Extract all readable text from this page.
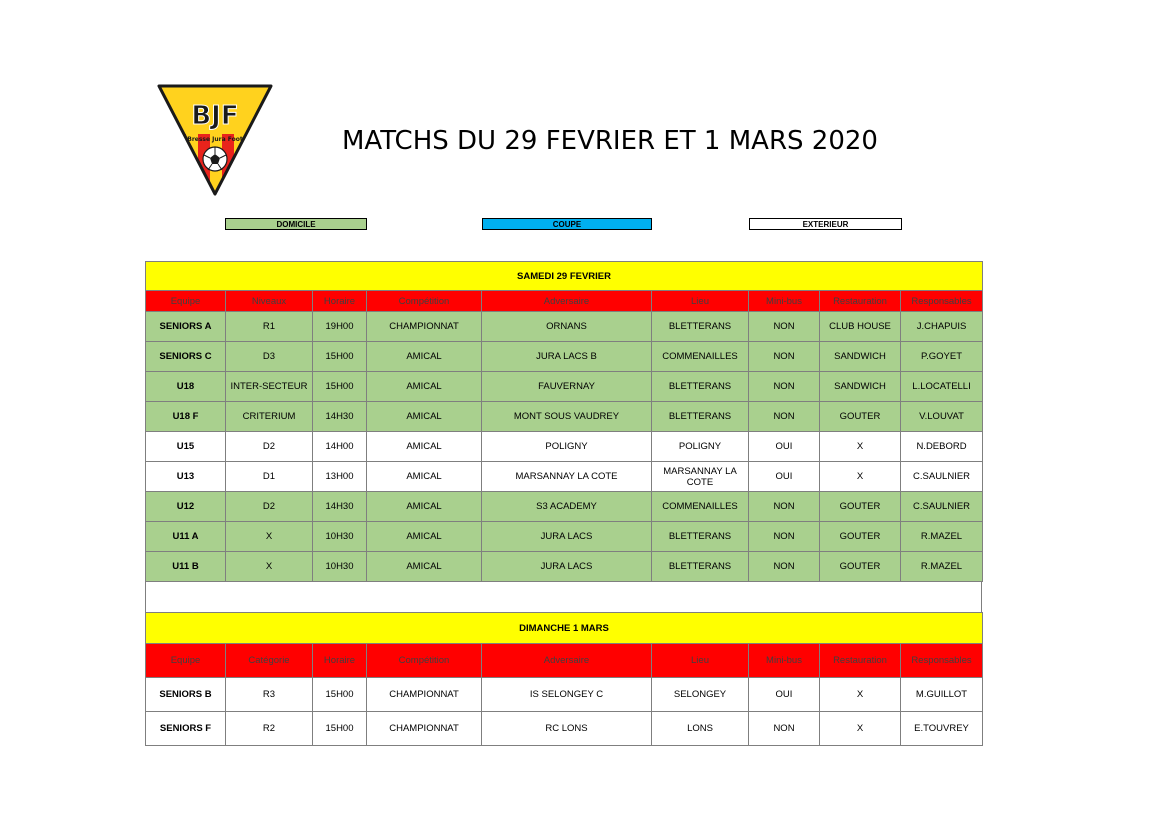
BJF
Bresse Jura Foot	MATCHS DU 29 FEVRIER ET 1 MARS 2020
DOMICILE	COUPE	EXTERIEUR
SAMEDI 29 FEVRIER								
Equipe	Niveaux	Horaire	Compétition	Adversaire	Lieu	Mini-bus	Restauration	Responsables
SENIORS A	R1	19H00	CHAMPIONNAT	ORNANS	BLETTERANS	NON	CLUB HOUSE	J.CHAPUIS
SENIORS C	D3	15H00	AMICAL	JURA LACS B	COMMENAILLES	NON	SANDWICH	P.GOYET
U18	INTER-SECTEUR	15H00	AMICAL	FAUVERNAY	BLETTERANS	NON	SANDWICH	L.LOCATELLI
U18 F	CRITERIUM	14H30	AMICAL	MONT SOUS VAUDREY	BLETTERANS	NON	GOUTER	V.LOUVAT
U15	D2	14H00	AMICAL	POLIGNY	POLIGNY	OUI	X	N.DEBORD
U13	D1	13H00	AMICAL	MARSANNAY LA COTE	MARSANNAY LA COTE	OUI	X	C.SAULNIER
U12	D2	14H30	AMICAL	S3 ACADEMY	COMMENAILLES	NON	GOUTER	C.SAULNIER
U11 A	X	10H30	AMICAL	JURA LACS	BLETTERANS	NON	GOUTER	R.MAZEL
U11 B	X	10H30	AMICAL	JURA LACS	BLETTERANS	NON	GOUTER	R.MAZEL
DIMANCHE 1 MARS								
Equipe	Catégorie	Horaire	Compétition	Adversaire	Lieu	Mini-bus	Restauration	Responsables
SENIORS B	R3	15H00	CHAMPIONNAT	IS SELONGEY C	SELONGEY	OUI	X	M.GUILLOT
SENIORS F	R2	15H00	CHAMPIONNAT	RC LONS	LONS	NON	X	E.TOUVREY
